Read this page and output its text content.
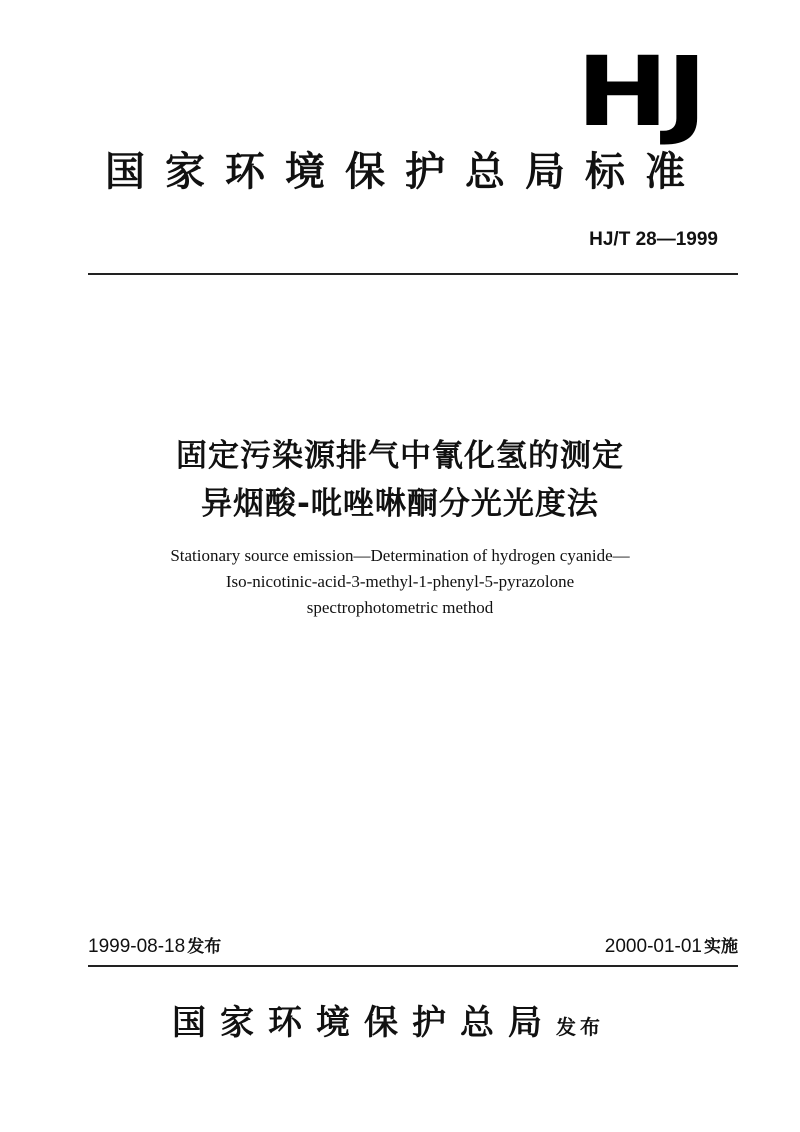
HJ
国家环境保护总局标准
HJ/T 28—1999
固定污染源排气中氰化氢的测定
异烟酸-吡唑啉酮分光光度法
Stationary source emission—Determination of hydrogen cyanide—
Iso-nicotinic-acid-3-methyl-1-phenyl-5-pyrazolone
spectrophotometric method
1999-08-18 发布	2000-01-01 实施
国家环境保护总局发布
